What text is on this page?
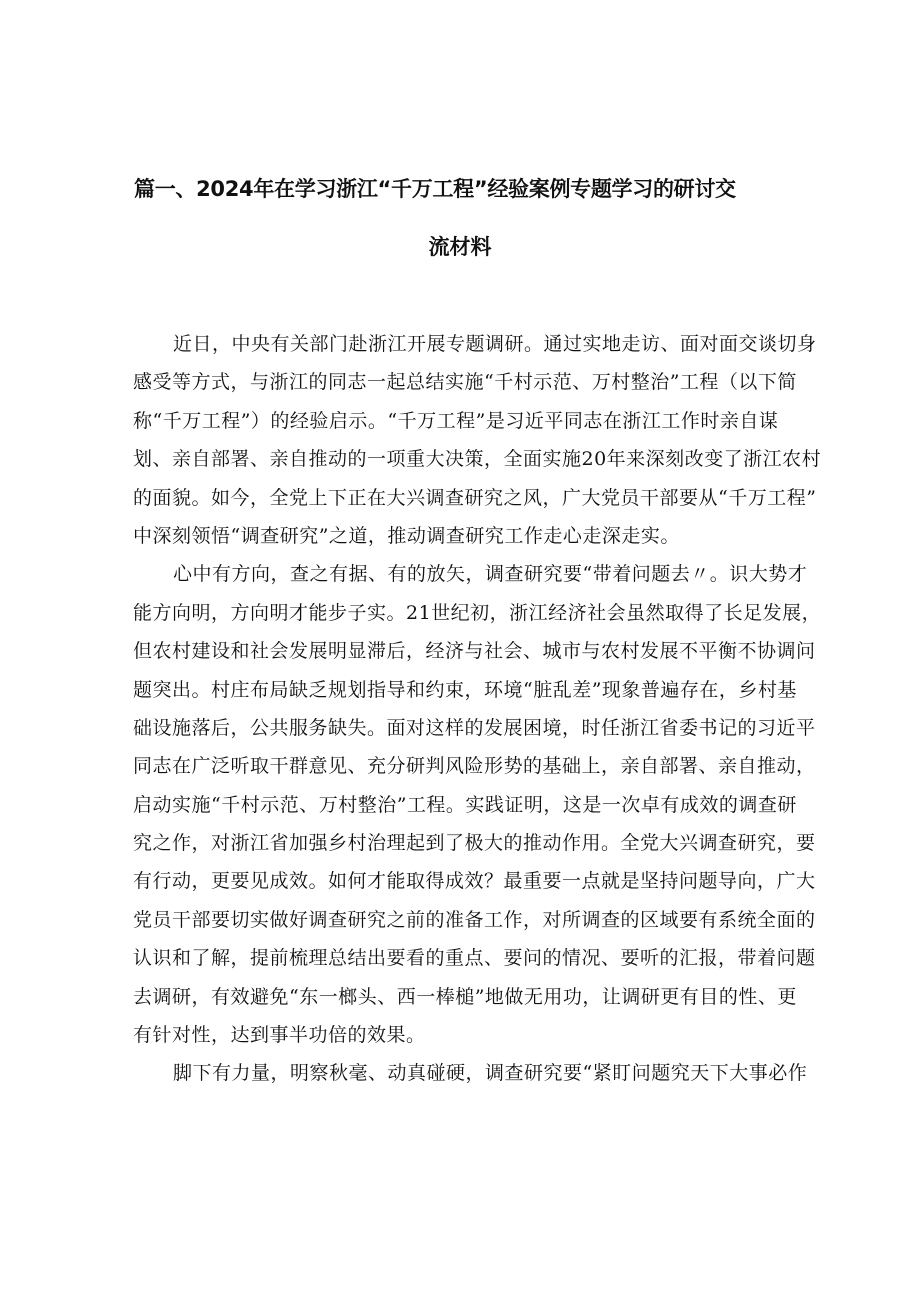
篇一、2024年在学习浙江“千万工程”经验案例专题学习的研讨交
流材料
近日，中央有关部门赴浙江开展专题调研。通过实地走访、面对面交谈切身
感受等方式，与浙江的同志一起总结实施“千村示范、万村整治”工程（以下简
称“千万工程”）的经验启示。“千万工程”是习近平同志在浙江工作时亲自谋
划、亲自部署、亲自推动的一项重大决策，全面实施20年来深刻改变了浙江农村
的面貌。如今，全党上下正在大兴调查研究之风，广大党员干部要从“千万工程”
中深刻领悟“调查研究”之道，推动调查研究工作走心走深走实。
心中有方向，查之有据、有的放矢，调查研究要“带着问题去〃。识大势才
能方向明，方向明才能步子实。21世纪初，浙江经济社会虽然取得了长足发展，
但农村建设和社会发展明显滞后，经济与社会、城市与农村发展不平衡不协调问
题突出。村庄布局缺乏规划指导和约束，环境“脏乱差”现象普遍存在，乡村基
础设施落后，公共服务缺失。面对这样的发展困境，时任浙江省委书记的习近平
同志在广泛听取干群意见、充分研判风险形势的基础上，亲自部署、亲自推动，
启动实施“千村示范、万村整治”工程。实践证明，这是一次卓有成效的调查研
究之作，对浙江省加强乡村治理起到了极大的推动作用。全党大兴调查研究，要
有行动，更要见成效。如何才能取得成效？最重要一点就是坚持问题导向，广大
党员干部要切实做好调查研究之前的准备工作，对所调查的区域要有系统全面的
认识和了解，提前梳理总结出要看的重点、要问的情况、要听的汇报，带着问题
去调研，有效避免“东一榔头、西一棒槌”地做无用功，让调研更有目的性、更
有针对性，达到事半功倍的效果。
脚下有力量，明察秋毫、动真碰硬，调查研究要“紧盯问题究天下大事必作
